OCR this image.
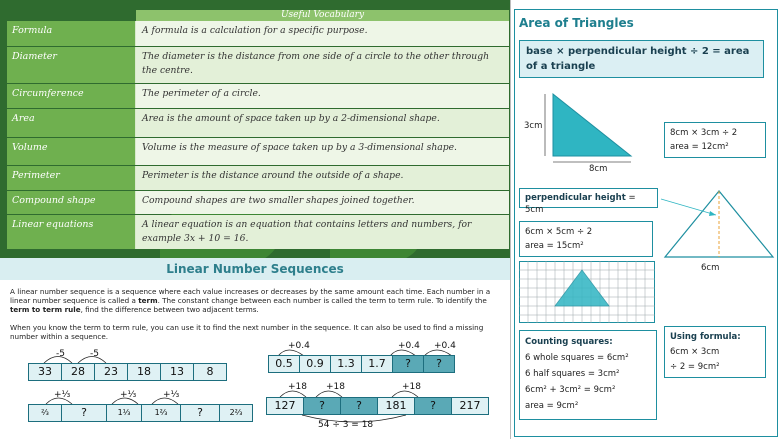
Useful Vocabulary
Formula	A formula is a calculation for a specific purpose.
Diameter	The diameter is the distance from one side of a circle to the other through the centre.
Circumference	The perimeter of a circle.
Area	Area is the amount of space taken up by a 2-dimensional shape.
Volume	Volume is the measure of space taken up by a 3-dimensional shape.
Perimeter	Perimeter is the distance around the outside of a shape.
Compound shape	Compound shapes are two smaller shapes joined together.
Linear equations	A linear equation is an equation that contains letters and numbers, for example 3x + 10 = 16.
Linear Number Sequences
A linear number sequence is a sequence where each value increases or decreases by the same amount each time. Each number in a linear number sequence is called a term. The constant change between each number is called the term to term rule. To identify the term to term rule, find the difference between two adjacent terms.
When you know the term to term rule, you can use it to find the next number in the sequence. It can also be used to find a missing number within a sequence.
-5	-5
33	28	23	18	13	8
+0.4	+0.4 +0.4
0.5	0.9	1.3	1.7	?	?
+⅓	+⅓	+⅓
⅔	?	1⅓	1⅔	?	2⅔
+18 +18	+18
127	?	?	181	?	217
54 ÷ 3 = 18
Area of Triangles
base × perpendicular height ÷ 2 = area of a triangle
3cm
8cm
8cm × 3cm ÷ 2
area = 12cm²
perpendicular height = 5cm
6cm
6cm × 5cm ÷ 2
area = 15cm²
Counting squares:
6 whole squares = 6cm²
6 half squares = 3cm²
6cm² + 3cm² = 9cm²
area = 9cm²
Using formula:
6cm × 3cm
÷ 2 = 9cm²
